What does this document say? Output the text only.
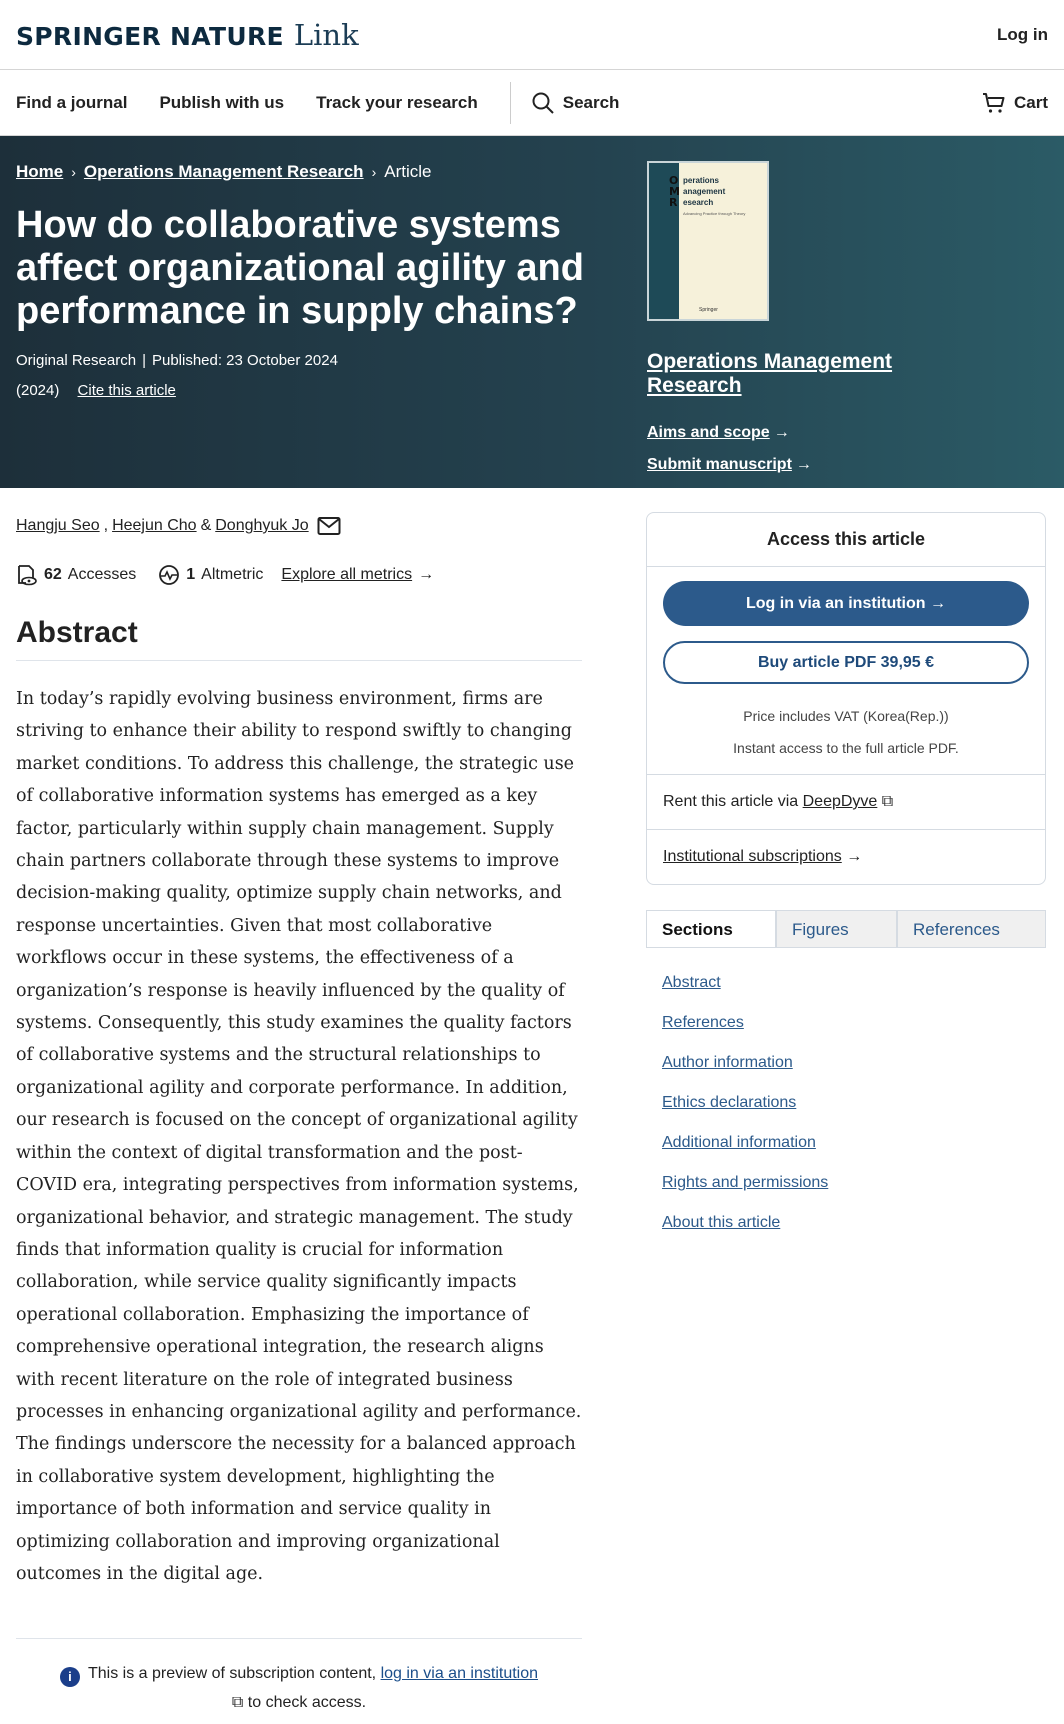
SPRINGER NATURE Link	Log in
Find a journal Publish with us Track your research	Search	Cart
Home › Operations Management Research › Article
How do collaborative systems affect organizational agility and performance in supply chains?
Original Research | Published: 23 October 2024
(2024) Cite this article
O
M
R
perations
anagement
esearch
Advancing Practice through Theory
Springer
Operations Management Research
Aims and scope →
Submit manuscript →
Hangju Seo , Heejun Cho & Donghyuk Jo
62 Accesses	1 Altmetric Explore all metrics →
Abstract

In today’s rapidly evolving business environment, firms are striving to enhance their ability to respond swiftly to changing market conditions. To address this challenge, the strategic use of collaborative information systems has emerged as a key factor, particularly within supply chain management. Supply chain partners collaborate through these systems to improve decision-making quality, optimize supply chain networks, and response uncertainties. Given that most collaborative workflows occur in these systems, the effectiveness of a organization’s response is heavily influenced by the quality of systems. Consequently, this study examines the quality factors of collaborative systems and the structural relationships to organizational agility and corporate performance. In addition, our research is focused on the concept of organizational agility within the context of digital transformation and the post-COVID era, integrating perspectives from information systems, organizational behavior, and strategic management. The study finds that information quality is crucial for information collaboration, while service quality significantly impacts operational collaboration. Emphasizing the importance of comprehensive operational integration, the research aligns with recent literature on the role of integrated business processes in enhancing organizational agility and performance. The findings underscore the necessity for a balanced approach in collaborative system development, highlighting the importance of both information and service quality in optimizing collaboration and improving organizational outcomes in the digital age.

i This is a preview of subscription content, log in via an institution
⧉ to check access.
Access this article
Log in via an institution →
Buy article PDF 39,95 €
Price includes VAT (Korea(Rep.))
Instant access to the full article PDF.
Rent this article via DeepDyve ⧉
Institutional subscriptions →
Sections	Figures	References
Abstract
References
Author information
Ethics declarations
Additional information
Rights and permissions
About this article
